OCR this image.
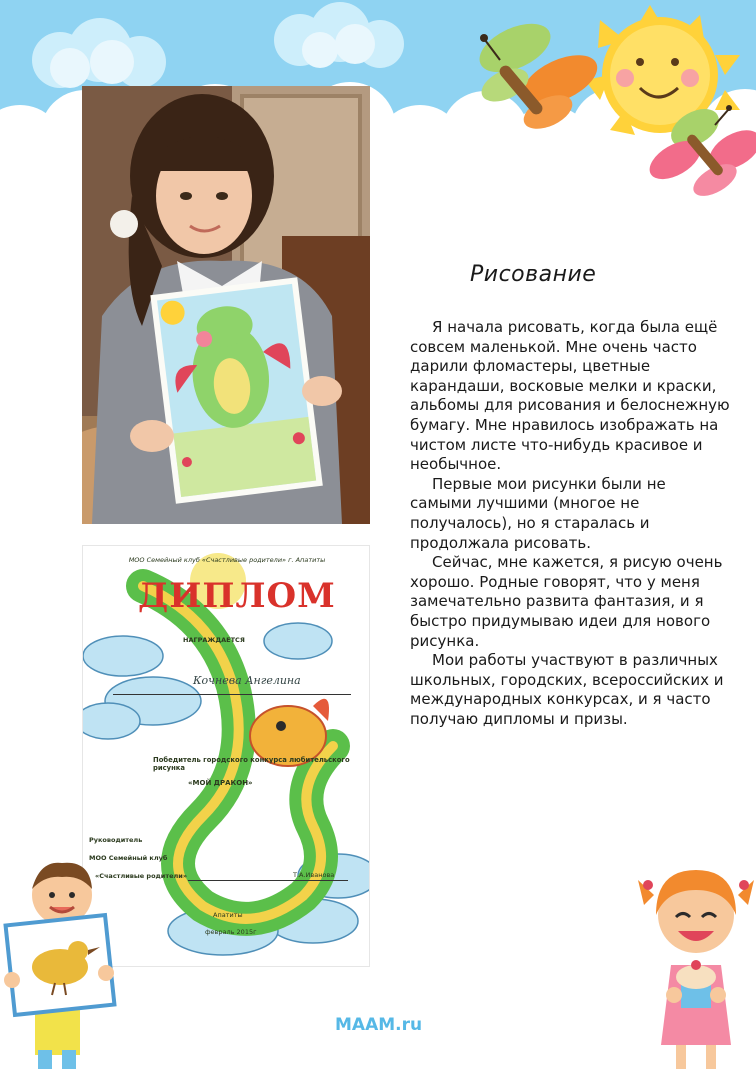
МОО Семейный клуб «Счастливые родители» г. Апатиты
ДИПЛОМ
НАГРАЖДАЕТСЯ
Кочнева Ангелина
Победитель городского конкурса любительского рисунка
«МОЙ ДРАКОН»
Руководитель
МОО Семейный клуб
«Счастливые родители»	Т.А.Иванова
Апатиты
февраль 2015г
Рисование

Я начала рисовать, когда была ещё совсем маленькой. Мне очень часто дарили фломастеры, цветные карандаши, восковые мелки и краски, альбомы для рисования и белоснежную бумагу. Мне нравилось изображать на чистом листе что-нибудь красивое и необычное.

Первые мои рисунки были не самыми лучшими (многое не получалось), но я старалась и продолжала рисовать.

Сейчас, мне кажется, я рисую очень хорошо. Родные говорят, что у меня замечательно развита фантазия, и я быстро придумываю идеи для нового рисунка.

Мои работы участвуют в различных школьных, городских, всероссийских и международных конкурсах, и я часто получаю дипломы и призы.

MAAM.ru
